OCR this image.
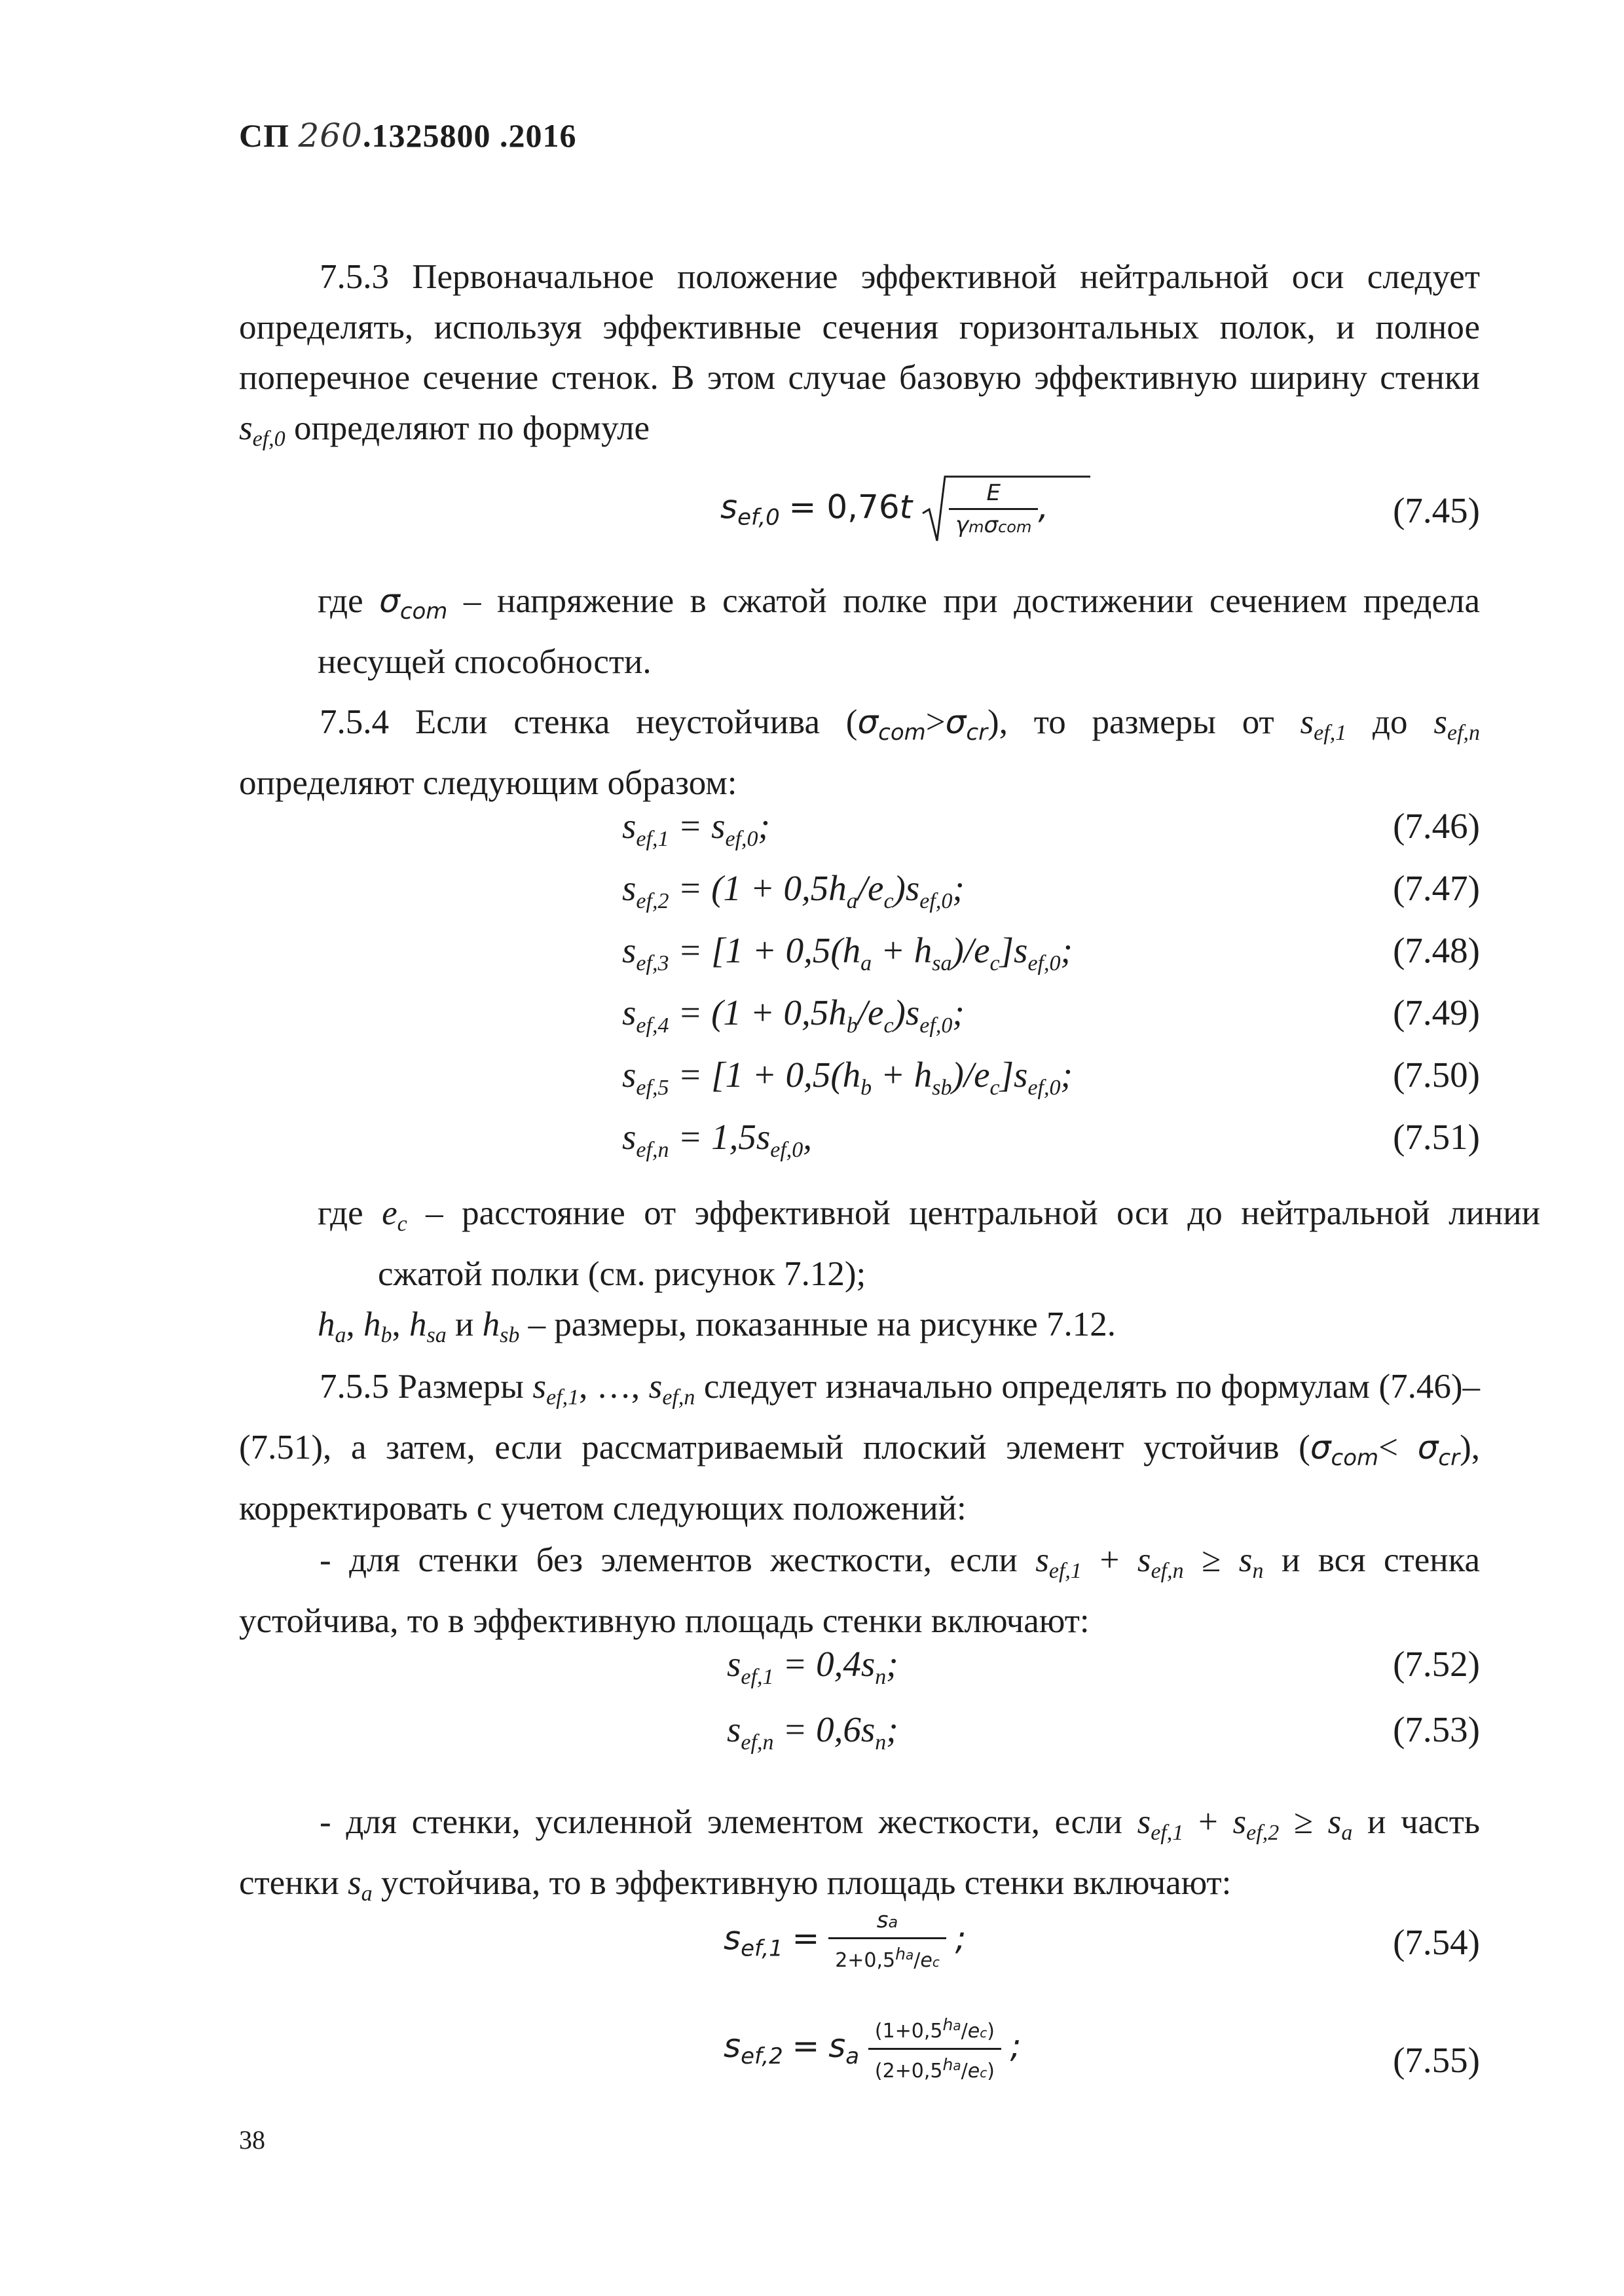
СП 260.1325800 .2016
7.5.3 Первоначальное положение эффективной нейтральной оси следует определять, используя эффективные сечения горизонтальных полок, и полное поперечное сечение стенок. В этом случае базовую эффективную ширину стенки $s_{ef,0}$ определяют по формуле
$sef,0 = 0,76t \frac{E}{\text{γmσcom}}$ ,	(7.45)
где σcom – напряжение в сжатой полке при достижении сечением предела несущей способности.
7.5.4 Если стенка неустойчива (σcom>σcr), то размеры от $s_{ef,1}$ до $s_{ef,n}$ определяют следующим образом:
$s_{ef,1} = s_{ef,0}$;	(7.46)
$s_{ef,2} = (1 + 0,5h_a/e_c)s_{ef,0}$;	(7.47)
$s_{ef,3} = [1 + 0,5(h_a + h_{sa})/e_c]s_{ef,0}$;	(7.48)
$s_{ef,4} = (1 + 0,5h_b/e_c)s_{ef,0}$;	(7.49)
$s_{ef,5} = [1 + 0,5(h_b + h_{sb})/e_c]s_{ef,0}$;	(7.50)
$s_{ef,n} = 1,5s_{ef,0}$,	(7.51)
где $e_c$ – расстояние от эффективной центральной оси до нейтральной линии сжатой полки (см. рисунок 7.12);
$h_a$, $h_b$, $h_{sa}$ и $h_{sb}$ – размеры, показанные на рисунке 7.12.
7.5.5 Размеры $s_{ef,1}$, …, $s_{ef,n}$ следует изначально определять по формулам (7.46)–(7.51), а затем, если рассматриваемый плоский элемент устойчив (σcom< σcr), корректировать с учетом следующих положений:
- для стенки без элементов жесткости, если $s_{ef,1} + s_{ef,n} \ge s_n$ и вся стенка устойчива, то в эффективную площадь стенки включают:
$s_{ef,1} = 0,4s_n$;	(7.52)
$s_{ef,n} = 0,6s_n$;	(7.53)
- для стенки, усиленной элементом жесткости, если $s_{ef,1} + s_{ef,2} \ge s_a$ и часть стенки $s_a$ устойчива, то в эффективную площадь стенки включают:
$sef,1 = \frac{sa}{2+0,5^{ha}/ec}$ ;	(7.54)
sef,2 = sa $\frac{(1+0,5^{ha}/ec)}{(2+0,5^{ha}/ec)}$ ;	(7.55)
38
